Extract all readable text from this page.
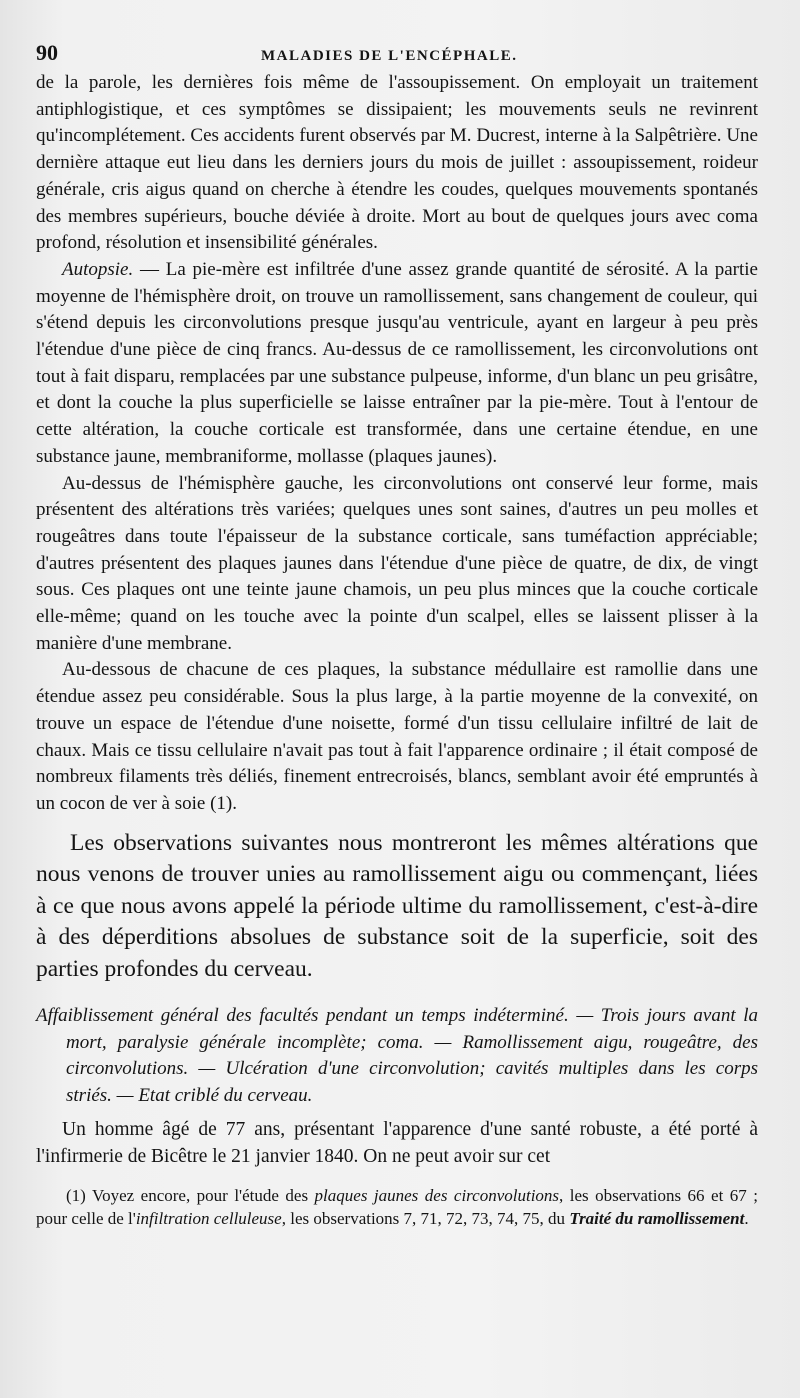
90	MALADIES DE L'ENCÉPHALE.

de la parole, les dernières fois même de l'assoupissement. On employait un traitement antiphlogistique, et ces symptômes se dissipaient; les mouvements seuls ne revinrent qu'incomplétement. Ces accidents furent observés par M. Ducrest, interne à la Salpêtrière. Une dernière attaque eut lieu dans les derniers jours du mois de juillet : assoupissement, roideur générale, cris aigus quand on cherche à étendre les coudes, quelques mouvements spontanés des membres supérieurs, bouche déviée à droite. Mort au bout de quelques jours avec coma profond, résolution et insensibilité générales.

Autopsie. — La pie-mère est infiltrée d'une assez grande quantité de sérosité. A la partie moyenne de l'hémisphère droit, on trouve un ramollissement, sans changement de couleur, qui s'étend depuis les circonvolutions presque jusqu'au ventricule, ayant en largeur à peu près l'étendue d'une pièce de cinq francs. Au-dessus de ce ramollissement, les circonvolutions ont tout à fait disparu, remplacées par une substance pulpeuse, informe, d'un blanc un peu grisâtre, et dont la couche la plus superficielle se laisse entraîner par la pie-mère. Tout à l'entour de cette altération, la couche corticale est transformée, dans une certaine étendue, en une substance jaune, membraniforme, mollasse (plaques jaunes).

Au-dessus de l'hémisphère gauche, les circonvolutions ont conservé leur forme, mais présentent des altérations très variées; quelques unes sont saines, d'autres un peu molles et rougeâtres dans toute l'épaisseur de la substance corticale, sans tuméfaction appréciable; d'autres présentent des plaques jaunes dans l'étendue d'une pièce de quatre, de dix, de vingt sous. Ces plaques ont une teinte jaune chamois, un peu plus minces que la couche corticale elle-même; quand on les touche avec la pointe d'un scalpel, elles se laissent plisser à la manière d'une membrane.

Au-dessous de chacune de ces plaques, la substance médullaire est ramollie dans une étendue assez peu considérable. Sous la plus large, à la partie moyenne de la convexité, on trouve un espace de l'étendue d'une noisette, formé d'un tissu cellulaire infiltré de lait de chaux. Mais ce tissu cellulaire n'avait pas tout à fait l'apparence ordinaire ; il était composé de nombreux filaments très déliés, finement entrecroisés, blancs, semblant avoir été empruntés à un cocon de ver à soie (1).

Les observations suivantes nous montreront les mêmes altérations que nous venons de trouver unies au ramollissement aigu ou commençant, liées à ce que nous avons appelé la période ultime du ramollissement, c'est-à-dire à des déperditions absolues de substance soit de la superficie, soit des parties profondes du cerveau.

Affaiblissement général des facultés pendant un temps indéterminé. — Trois jours avant la mort, paralysie générale incomplète; coma. — Ramollissement aigu, rougeâtre, des circonvolutions. — Ulcération d'une circonvolution; cavités multiples dans les corps striés. — Etat criblé du cerveau.

Un homme âgé de 77 ans, présentant l'apparence d'une santé robuste, a été porté à l'infirmerie de Bicêtre le 21 janvier 1840. On ne peut avoir sur cet

(1) Voyez encore, pour l'étude des plaques jaunes des circonvolutions, les observations 66 et 67 ; pour celle de l'infiltration celluleuse, les observations 7, 71, 72, 73, 74, 75, du Traité du ramollissement.
